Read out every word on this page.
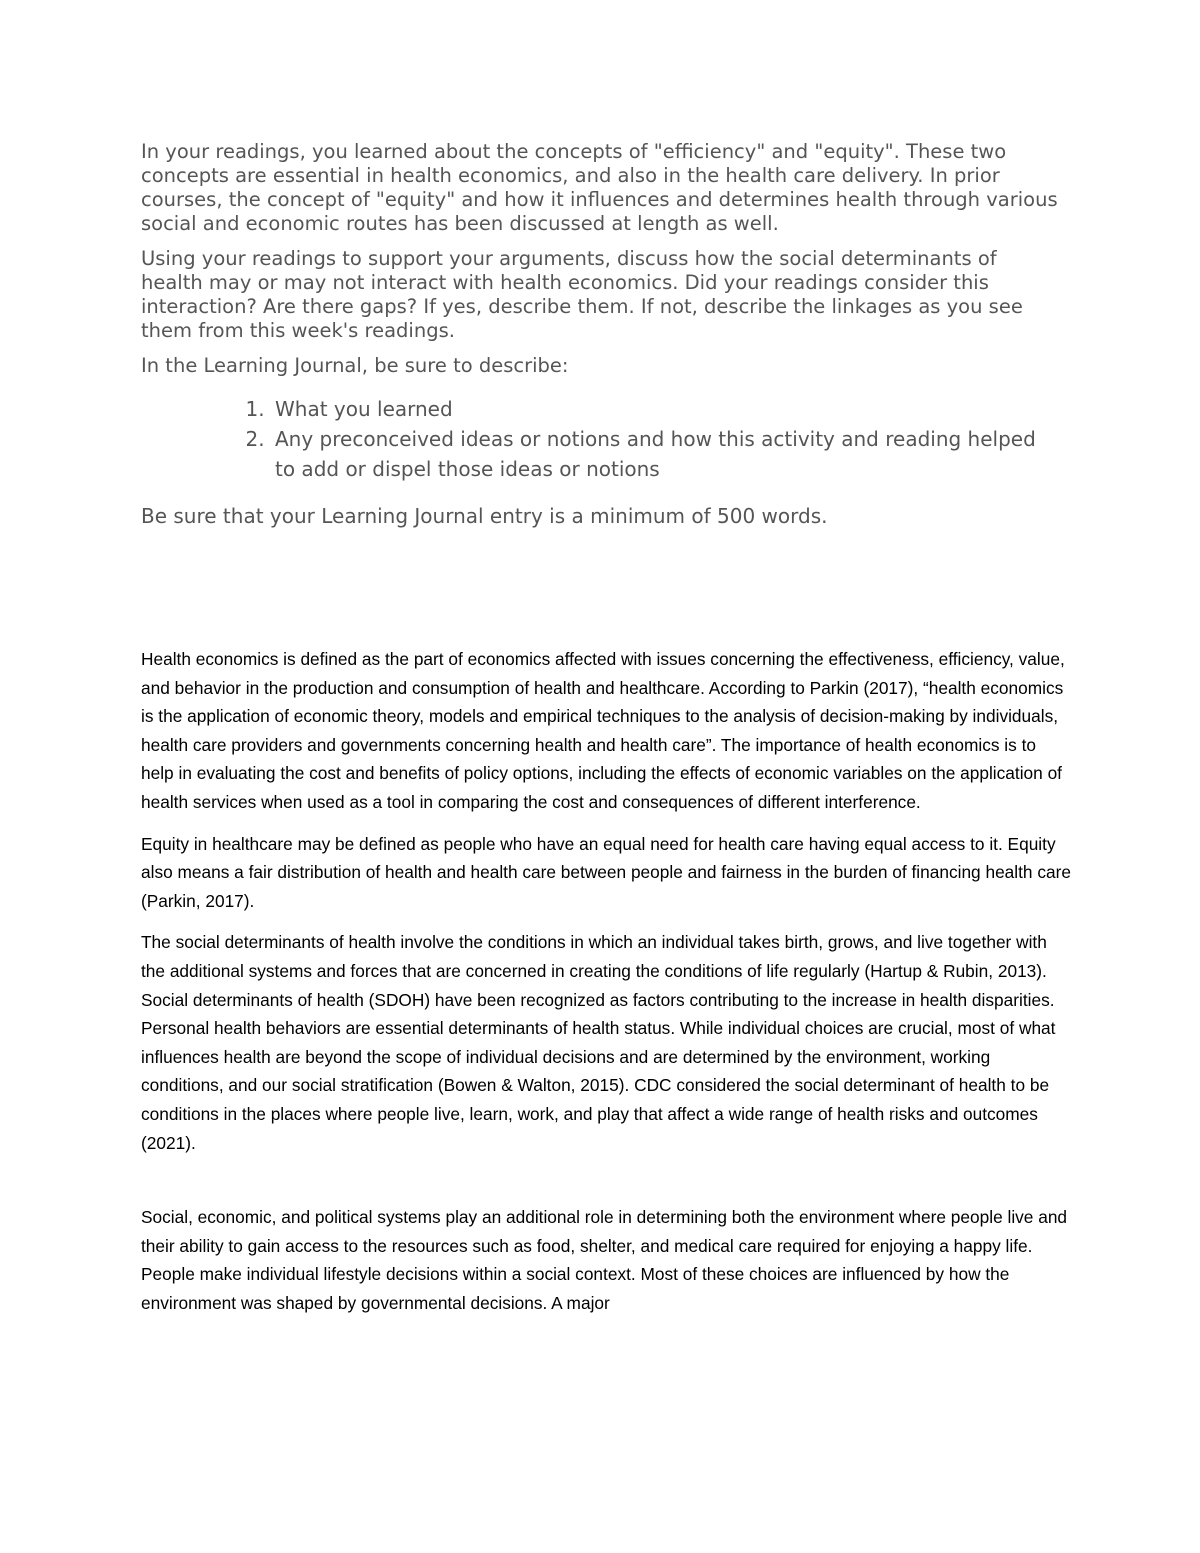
In your readings, you learned about the concepts of "efficiency" and "equity". These two concepts are essential in health economics, and also in the health care delivery. In prior courses, the concept of "equity" and how it influences and determines health through various social and economic routes has been discussed at length as well.

Using your readings to support your arguments, discuss how the social determinants of health may or may not interact with health economics. Did your readings consider this interaction? Are there gaps? If yes, describe them. If not, describe the linkages as you see them from this week's readings.

In the Learning Journal, be sure to describe:

1. What you learned
2. Any preconceived ideas or notions and how this activity and reading helped to add or dispel those ideas or notions

Be sure that your Learning Journal entry is a minimum of 500 words.

Health economics is defined as the part of economics affected with issues concerning the effectiveness, efficiency, value, and behavior in the production and consumption of health and healthcare. According to Parkin (2017), “health economics is the application of economic theory, models and empirical techniques to the analysis of decision-making by individuals, health care providers and governments concerning health and health care”. The importance of health economics is to help in evaluating the cost and benefits of policy options, including the effects of economic variables on the application of health services when used as a tool in comparing the cost and consequences of different interference.

Equity in healthcare may be defined as people who have an equal need for health care having equal access to it. Equity also means a fair distribution of health and health care between people and fairness in the burden of financing health care (Parkin, 2017).

The social determinants of health involve the conditions in which an individual takes birth, grows, and live together with the additional systems and forces that are concerned in creating the conditions of life regularly (Hartup & Rubin, 2013). Social determinants of health (SDOH) have been recognized as factors contributing to the increase in health disparities. Personal health behaviors are essential determinants of health status. While individual choices are crucial, most of what influences health are beyond the scope of individual decisions and are determined by the environment, working conditions, and our social stratification (Bowen & Walton, 2015). CDC considered the social determinant of health to be conditions in the places where people live, learn, work, and play that affect a wide range of health risks and outcomes (2021).

Social, economic, and political systems play an additional role in determining both the environment where people live and their ability to gain access to the resources such as food, shelter, and medical care required for enjoying a happy life. People make individual lifestyle decisions within a social context. Most of these choices are influenced by how the environment was shaped by governmental decisions. A major
